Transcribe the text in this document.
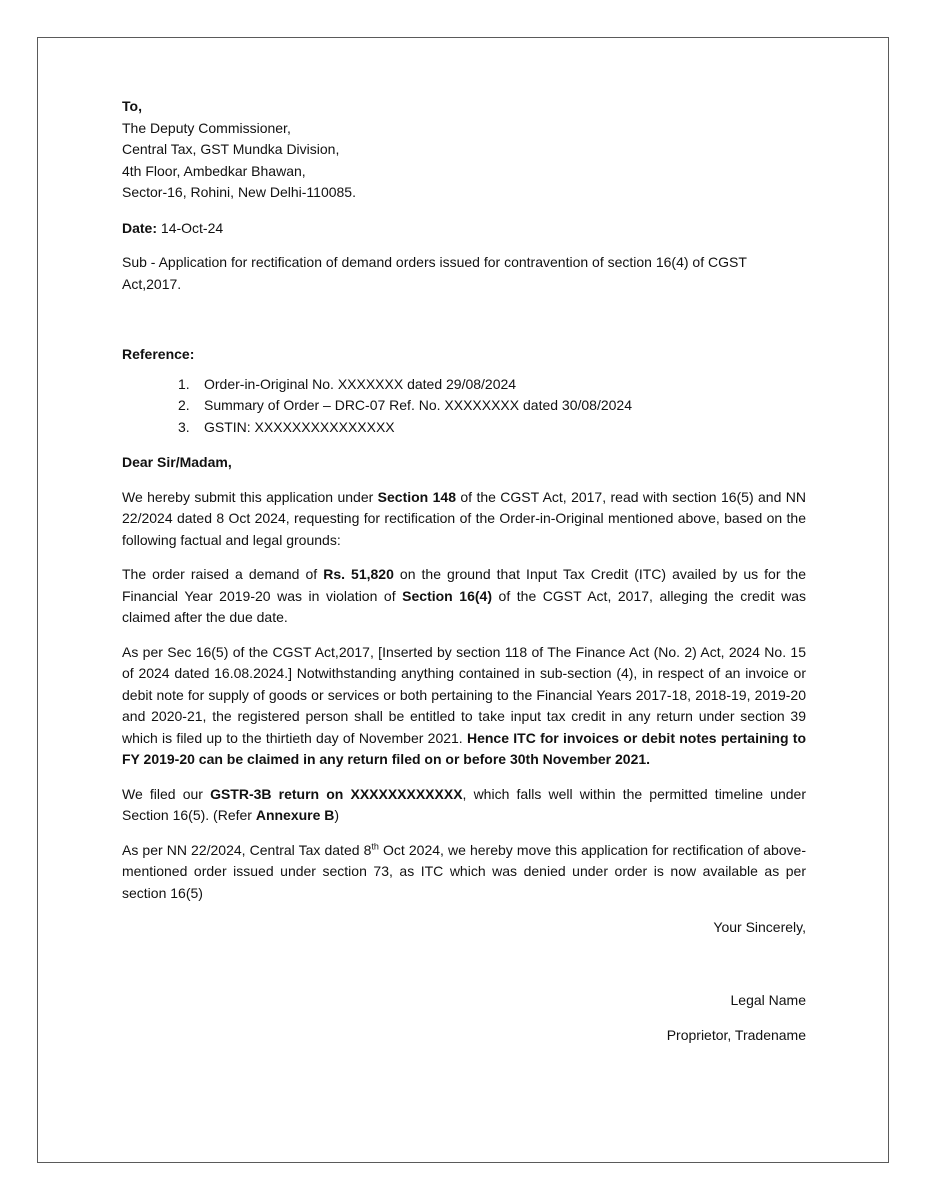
To,
The Deputy Commissioner,
Central Tax, GST Mundka Division,
4th Floor, Ambedkar Bhawan,
Sector-16, Rohini, New Delhi-110085.

Date: 14-Oct-24

Sub - Application for rectification of demand orders issued for contravention of section 16(4) of CGST
Act,2017.

Reference:

1.	Order-in-Original No. XXXXXXX dated 29/08/2024
2.	Summary of Order – DRC-07 Ref. No. XXXXXXXX dated 30/08/2024
3.	GSTIN: XXXXXXXXXXXXXXX

Dear Sir/Madam,

We hereby submit this application under Section 148 of the CGST Act, 2017, read with section 16(5) and NN 22/2024 dated 8 Oct 2024, requesting for rectification of the Order-in-Original mentioned above, based on the following factual and legal grounds:

The order raised a demand of Rs. 51,820 on the ground that Input Tax Credit (ITC) availed by us for the Financial Year 2019-20 was in violation of Section 16(4) of the CGST Act, 2017, alleging the credit was claimed after the due date.

As per Sec 16(5) of the CGST Act,2017, [Inserted by section 118 of The Finance Act (No. 2) Act, 2024 No. 15 of 2024 dated 16.08.2024.] Notwithstanding anything contained in sub-section (4), in respect of an invoice or debit note for supply of goods or services or both pertaining to the Financial Years 2017-18, 2018-19, 2019-20 and 2020-21, the registered person shall be entitled to take input tax credit in any return under section 39 which is filed up to the thirtieth day of November 2021. Hence ITC for invoices or debit notes pertaining to FY 2019-20 can be claimed in any return filed on or before 30th November 2021.

We filed our GSTR-3B return on XXXXXXXXXXXX, which falls well within the permitted timeline under Section 16(5). (Refer Annexure B)

As per NN 22/2024, Central Tax dated 8th Oct 2024, we hereby move this application for rectification of above-mentioned order issued under section 73, as ITC which was denied under order is now available as per section 16(5)

Your Sincerely,

Legal Name

Proprietor, Tradename
